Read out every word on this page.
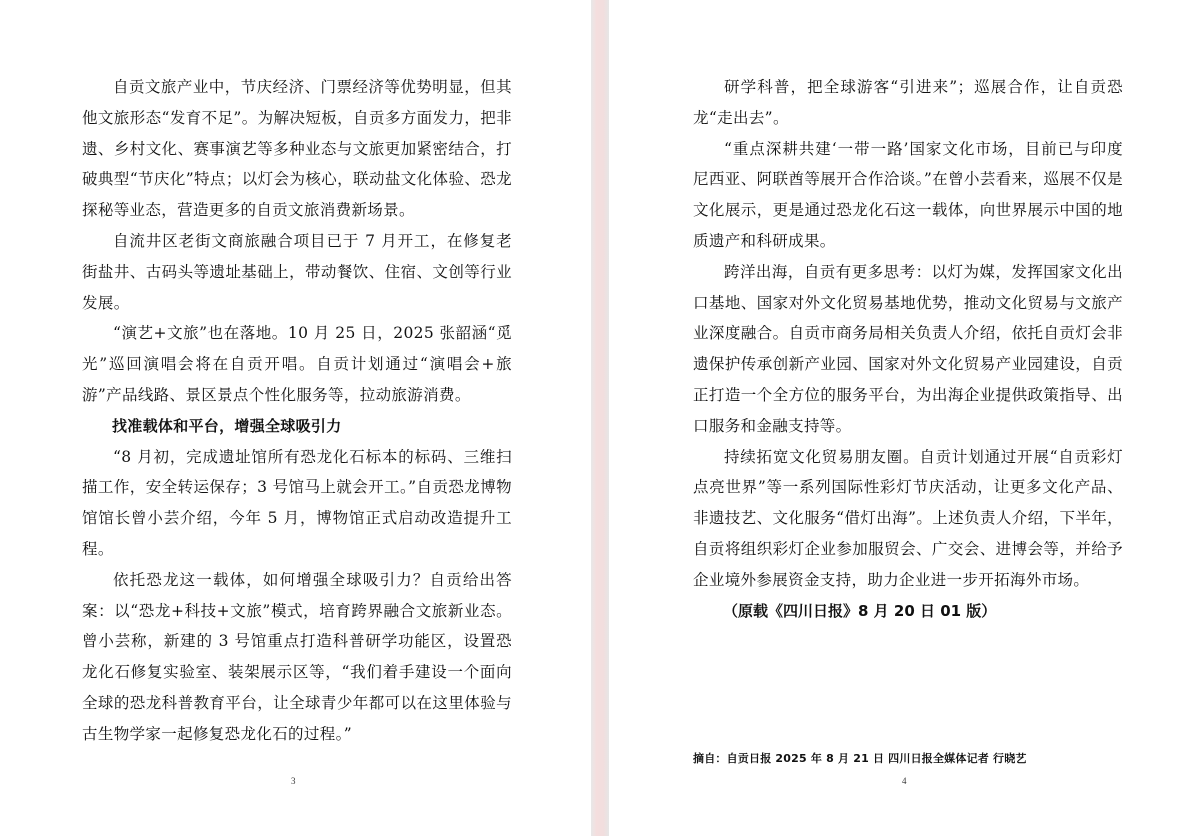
自贡文旅产业中，节庆经济、门票经济等优势明显，但其他文旅形态“发育不足”。为解决短板，自贡多方面发力，把非遗、乡村文化、赛事演艺等多种业态与文旅更加紧密结合，打破典型“节庆化”特点；以灯会为核心，联动盐文化体验、恐龙探秘等业态，营造更多的自贡文旅消费新场景。

自流井区老街文商旅融合项目已于 7 月开工，在修复老街盐井、古码头等遗址基础上，带动餐饮、住宿、文创等行业发展。

“演艺+文旅”也在落地。10 月 25 日，2025 张韶涵“觅光”巡回演唱会将在自贡开唱。自贡计划通过“演唱会+旅游”产品线路、景区景点个性化服务等，拉动旅游消费。

找准载体和平台，增强全球吸引力

“8 月初，完成遗址馆所有恐龙化石标本的标码、三维扫描工作，安全转运保存；3 号馆马上就会开工。”自贡恐龙博物馆馆长曾小芸介绍，今年 5 月，博物馆正式启动改造提升工程。

依托恐龙这一载体，如何增强全球吸引力？自贡给出答案：以“恐龙+科技+文旅”模式，培育跨界融合文旅新业态。曾小芸称，新建的 3 号馆重点打造科普研学功能区，设置恐龙化石修复实验室、装架展示区等，“我们着手建设一个面向全球的恐龙科普教育平台，让全球青少年都可以在这里体验与古生物学家一起修复恐龙化石的过程。”

3

研学科普，把全球游客“引进来”；巡展合作，让自贡恐龙“走出去”。

“重点深耕共建‘一带一路’国家文化市场，目前已与印度尼西亚、阿联酋等展开合作洽谈。”在曾小芸看来，巡展不仅是文化展示，更是通过恐龙化石这一载体，向世界展示中国的地质遗产和科研成果。

跨洋出海，自贡有更多思考：以灯为媒，发挥国家文化出口基地、国家对外文化贸易基地优势，推动文化贸易与文旅产业深度融合。自贡市商务局相关负责人介绍，依托自贡灯会非遗保护传承创新产业园、国家对外文化贸易产业园建设，自贡正打造一个全方位的服务平台，为出海企业提供政策指导、出口服务和金融支持等。

持续拓宽文化贸易朋友圈。自贡计划通过开展“自贡彩灯点亮世界”等一系列国际性彩灯节庆活动，让更多文化产品、非遗技艺、文化服务“借灯出海”。上述负责人介绍，下半年，自贡将组织彩灯企业参加服贸会、广交会、进博会等，并给予企业境外参展资金支持，助力企业进一步开拓海外市场。

（原载《四川日报》8 月 20 日 01 版）

摘自：自贡日报 2025 年 8 月 21 日 四川日报全媒体记者 行晓艺
4
